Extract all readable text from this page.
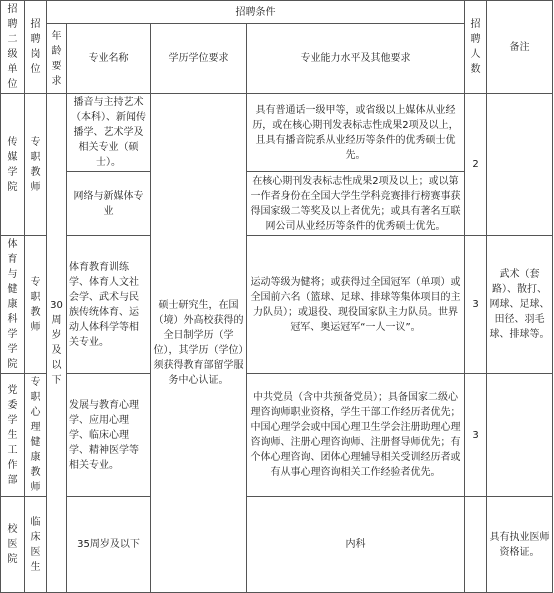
招聘二级单位	招聘岗位	招聘条件				招聘人数	备注	
		年龄要求	专业名称	学历学位要求	专业能力水平及其他要求			
传媒学院	专职教师	30周岁及以下	播音与主持艺术（本科）、新闻传播学、艺术学及相关专业（硕士）。	硕士研究生，在国（境）外高校获得的全日制学历（学位），其学历（学位）须获得教育部留学服务中心认证。	具有普通话一级甲等，或省级以上媒体从业经历，或在核心期刊发表标志性成果2项及以上，且具有播音院系从业经历等条件的优秀硕士优先。	2		
			网络与新媒体专业		在核心期刊发表标志性成果2项及以上；或以第一作者身份在全国大学生学科竞赛排行榜赛事获得国家级二等奖及以上者优先；或具有著名互联网公司从业经历等条件的优秀硕士优先。			
体育与健康科学学院	专职教师		体育教育训练学、体育人文社会学、武术与民族传统体育、运动人体科学等相关专业。		运动等级为健将；或获得过全国冠军（单项）或全国前六名（篮球、足球、排球等集体项目的主力队员）；或退役、现役国家队主力队员。世界冠军、奥运冠军“一人一议”。	3	武术（套路）、散打、网球、足球、田径、羽毛球、排球等。	
党委学生工作部	专职心理健康教师		发展与教育心理学、应用心理学、临床心理学、精神医学等相关专业。		中共党员（含中共预备党员）；具备国家二级心理咨询师职业资格，学生干部工作经历者优先；中国心理学会或中国心理卫生学会注册助理心理咨询师、注册心理咨询师、注册督导师优先；有个体心理咨询、团体心理辅导相关受训经历者或有从事心理咨询相关工作经验者优先。	3		
校医院	临床医生		35周岁及以下		内科		具有执业医师资格证。		
